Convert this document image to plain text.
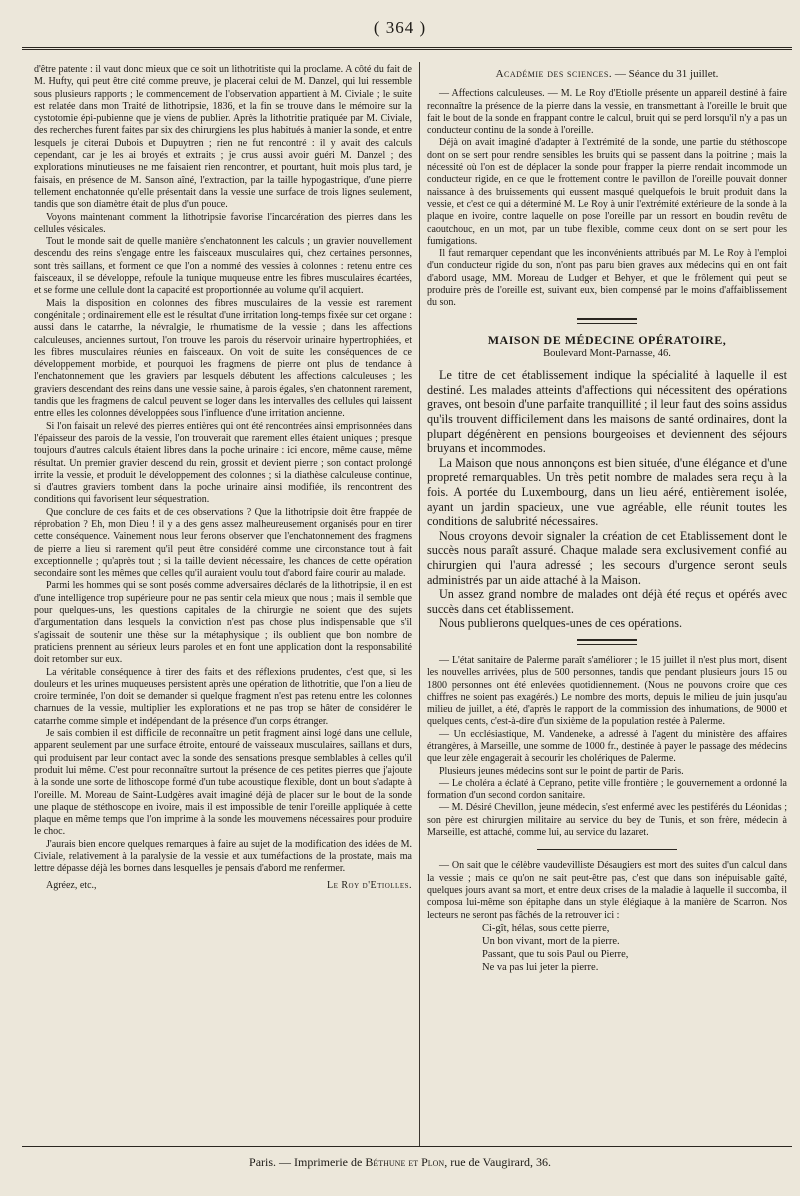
( 364 )

d'être patente : il vaut donc mieux que ce soit un lithotritiste qui la proclame. A côté du fait de M. Hufty, qui peut être cité comme preuve, je placerai celui de M. Danzel, qui lui ressemble sous plusieurs rapports ; le commencement de l'observation appartient à M. Civiale ; le suite est relatée dans mon Traité de lithotripsie, 1836, et la fin se trouve dans le mémoire sur la cystotomie épi-pubienne que je viens de publier. Après la lithotritie pratiquée par M. Civiale, des recherches furent faites par six des chirurgiens les plus habitués à manier la sonde, et entre lesquels je citerai Dubois et Dupuytren ; rien ne fut rencontré : il y avait des calculs cependant, car je les ai broyés et extraits ; je crus aussi avoir guéri M. Danzel ; des explorations minutieuses ne me faisaient rien rencontrer, et pourtant, huit mois plus tard, je faisais, en présence de M. Sanson aîné, l'extraction, par la taille hypogastrique, d'une pierre tellement enchatonnée qu'elle présentait dans la vessie une surface de trois lignes seulement, tandis que son diamètre était de plus d'un pouce.

Voyons maintenant comment la lithotripsie favorise l'incarcération des pierres dans les cellules vésicales.

Tout le monde sait de quelle manière s'enchatonnent les calculs ; un gravier nouvellement descendu des reins s'engage entre les faisceaux musculaires qui, chez certaines personnes, sont très saillans, et forment ce que l'on a nommé des vessies à colonnes : retenu entre ces faisceaux, il se développe, refoule la tunique muqueuse entre les fibres musculaires écartées, et se forme une cellule dont la capacité est proportionnée au volume qu'il acquiert.

Mais la disposition en colonnes des fibres musculaires de la vessie est rarement congénitale ; ordinairement elle est le résultat d'une irritation long-temps fixée sur cet organe : aussi dans le catarrhe, la névralgie, le rhumatisme de la vessie ; dans les affections calculeuses, anciennes surtout, l'on trouve les parois du réservoir urinaire hypertrophiées, et les fibres musculaires réunies en faisceaux. On voit de suite les conséquences de ce développement morbide, et pourquoi les fragmens de pierre ont plus de tendance à l'enchatonnement que les graviers par lesquels débutent les affections calculeuses ; les graviers descendant des reins dans une vessie saine, à parois égales, s'en chatonnent rarement, tandis que les fragmens de calcul peuvent se loger dans les intervalles des cellules qui laissent entre elles les colonnes développées sous l'influence d'une irritation ancienne.

Si l'on faisait un relevé des pierres entières qui ont été rencontrées ainsi emprisonnées dans l'épaisseur des parois de la vessie, l'on trouverait que rarement elles étaient uniques ; presque toujours d'autres calculs étaient libres dans la poche urinaire : ici encore, même cause, même résultat. Un premier gravier descend du rein, grossit et devient pierre ; son contact prolongé irrite la vessie, et produit le développement des colonnes ; si la diathèse calculeuse continue, si d'autres graviers tombent dans la poche urinaire ainsi modifiée, ils rencontrent des conditions qui favorisent leur séquestration.

Que conclure de ces faits et de ces observations ? Que la lithotripsie doit être frappée de réprobation ? Eh, mon Dieu ! il y a des gens assez malheureusement organisés pour en tirer cette conséquence. Vainement nous leur ferons observer que l'enchatonnement des fragmens de pierre a lieu si rarement qu'il peut être considéré comme une circonstance tout à fait exceptionnelle ; qu'après tout ; si la taille devient nécessaire, les chances de cette opération secondaire sont les mêmes que celles qu'il auraient voulu tout d'abord faire courir au malade.

Parmi les hommes qui se sont posés comme adversaires déclarés de la lithotripsie, il en est d'une intelligence trop supérieure pour ne pas sentir cela mieux que nous ; mais il semble que pour quelques-uns, les questions capitales de la chirurgie ne soient que des sujets d'argumentation dans lesquels la conviction n'est pas chose plus indispensable que s'il s'agissait de soutenir une thèse sur la métaphysique ; ils oublient que bon nombre de praticiens prennent au sérieux leurs paroles et en font une application dont la responsabilité doit retomber sur eux.

La véritable conséquence à tirer des faits et des réflexions prudentes, c'est que, si les douleurs et les urines muqueuses persistent après une opération de lithotritie, que l'on a lieu de croire terminée, l'on doit se demander si quelque fragment n'est pas retenu entre les colonnes charnues de la vessie, multiplier les explorations et ne pas trop se hâter de considérer le catarrhe comme simple et indépendant de la présence d'un corps étranger.

Je sais combien il est difficile de reconnaître un petit fragment ainsi logé dans une cellule, apparent seulement par une surface étroite, entouré de vaisseaux musculaires, saillans et durs, qui produisent par leur contact avec la sonde des sensations presque semblables à celles qu'il produit lui même. C'est pour reconnaître surtout la présence de ces petites pierres que j'ajoute à la sonde une sorte de lithoscope formé d'un tube acoustique flexible, dont un bout s'adapte à l'oreille. M. Moreau de Saint-Ludgères avait imaginé déjà de placer sur le bout de la sonde une plaque de stéthoscope en ivoire, mais il est impossible de tenir l'oreille appliquée à cette plaque en même temps que l'on imprime à la sonde les mouvemens nécessaires pour produire le choc.

J'aurais bien encore quelques remarques à faire au sujet de la modification des idées de M. Civiale, relativement à la paralysie de la vessie et aux tuméfactions de la prostate, mais ma lettre dépasse déjà les bornes dans lesquelles je pensais d'abord me renfermer.

Agréez, etc.,	Le Roy d'Etiolles.
Académie des sciences. — Séance du 31 juillet.

— Affections calculeuses. — M. Le Roy d'Etiolle présente un appareil destiné à faire reconnaître la présence de la pierre dans la vessie, en transmettant à l'oreille le bruit que fait le bout de la sonde en frappant contre le calcul, bruit qui se perd lorsqu'il n'y a pas un conducteur continu de la sonde à l'oreille.

Déjà on avait imaginé d'adapter à l'extrémité de la sonde, une partie du stéthoscope dont on se sert pour rendre sensibles les bruits qui se passent dans la poitrine ; mais la nécessité où l'on est de déplacer la sonde pour frapper la pierre rendait incommode un conducteur rigide, en ce que le frottement contre le pavillon de l'oreille pouvait donner naissance à des bruissements qui eussent masqué quelquefois le bruit produit dans la vessie, et c'est ce qui a déterminé M. Le Roy à unir l'extrémité extérieure de la sonde à la plaque en ivoire, contre laquelle on pose l'oreille par un ressort en boudin revêtu de caoutchouc, en un mot, par un tube flexible, comme ceux dont on se sert pour les fumigations.

Il faut remarquer cependant que les inconvénients attribués par M. Le Roy à l'emploi d'un conducteur rigide du son, n'ont pas paru bien graves aux médecins qui en ont fait d'abord usage, MM. Moreau de Ludger et Behyer, et que le frôlement qui peut se produire près de l'oreille est, suivant eux, bien compensé par le moins d'affaiblissement du son.

MAISON DE MÉDECINE OPÉRATOIRE,
Boulevard Mont-Parnasse, 46.

Le titre de cet établissement indique la spécialité à laquelle il est destiné. Les malades atteints d'affections qui nécessitent des opérations graves, ont besoin d'une parfaite tranquillité ; il leur faut des soins assidus qu'ils trouvent difficilement dans les maisons de santé ordinaires, dont la plupart dégénèrent en pensions bourgeoises et deviennent des séjours bruyans et incommodes.

La Maison que nous annonçons est bien située, d'une élégance et d'une propreté remarquables. Un très petit nombre de malades sera reçu à la fois. A portée du Luxembourg, dans un lieu aéré, entièrement isolée, ayant un jardin spacieux, une vue agréable, elle réunit toutes les conditions de salubrité nécessaires.

Nous croyons devoir signaler la création de cet Etablissement dont le succès nous paraît assuré. Chaque malade sera exclusivement confié au chirurgien qui l'aura adressé ; les secours d'urgence seront seuls administrés par un aide attaché à la Maison.

Un assez grand nombre de malades ont déjà été reçus et opérés avec succès dans cet établissement.

Nous publierons quelques-unes de ces opérations.

— L'état sanitaire de Palerme paraît s'améliorer ; le 15 juillet il n'est plus mort, disent les nouvelles arrivées, plus de 500 personnes, tandis que pendant plusieurs jours 15 ou 1800 personnes ont été enlevées quotidiennement. (Nous ne pouvons croire que ces chiffres ne soient pas exagérés.) Le nombre des morts, depuis le milieu de juin jusqu'au milieu de juillet, a été, d'après le rapport de la commission des inhumations, de 9000 et quelques cents, c'est-à-dire d'un sixième de la population restée à Palerme.

— Un ecclésiastique, M. Vandeneke, a adressé à l'agent du ministère des affaires étrangères, à Marseille, une somme de 1000 fr., destinée à payer le passage des médecins que leur zèle engagerait à secourir les cholériques de Palerme.

Plusieurs jeunes médecins sont sur le point de partir de Paris.

— Le choléra a éclaté à Ceprano, petite ville frontière ; le gouvernement a ordonné la formation d'un second cordon sanitaire.

— M. Désiré Chevillon, jeune médecin, s'est enfermé avec les pestiférés du Léonidas ; son père est chirurgien militaire au service du bey de Tunis, et son frère, médecin à Marseille, est attaché, comme lui, au service du lazaret.

— On sait que le célèbre vaudevilliste Désaugiers est mort des suites d'un calcul dans la vessie ; mais ce qu'on ne sait peut-être pas, c'est que dans son inépuisable gaîté, quelques jours avant sa mort, et entre deux crises de la maladie à laquelle il succomba, il composa lui-même son épitaphe dans un style élégiaque à la manière de Scarron. Nos lecteurs ne seront pas fâchés de la retrouver ici :

Ci-gît, hélas, sous cette pierre,
Un bon vivant, mort de la pierre.
Passant, que tu sois Paul ou Pierre,
Ne va pas lui jeter la pierre.
Paris. — Imprimerie de Béthune et Plon, rue de Vaugirard, 36.
